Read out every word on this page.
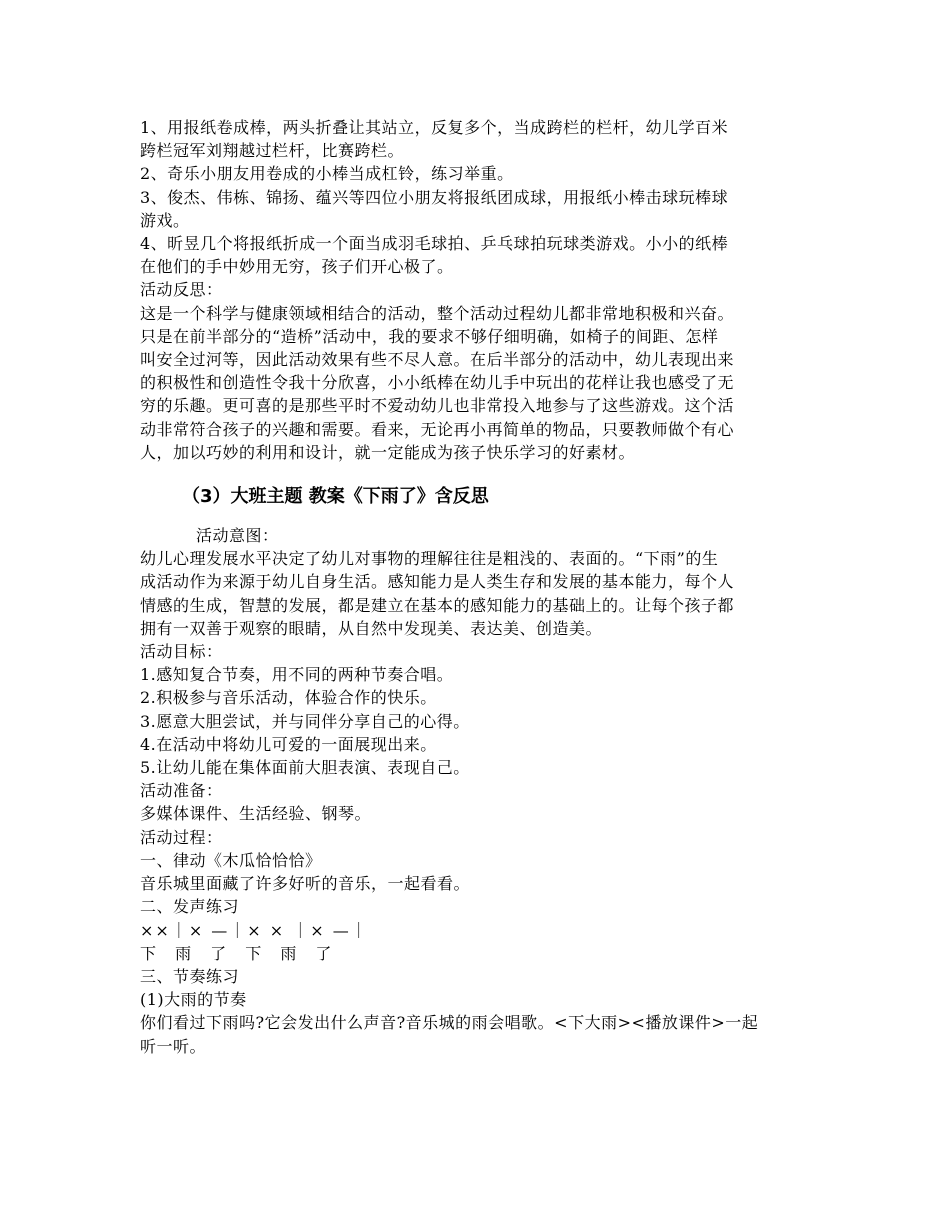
1、用报纸卷成棒，两头折叠让其站立，反复多个，当成跨栏的栏杆，幼儿学百米
跨栏冠军刘翔越过栏杆，比赛跨栏。
2、奇乐小朋友用卷成的小棒当成杠铃，练习举重。
3、俊杰、伟栋、锦扬、蕴兴等四位小朋友将报纸团成球，用报纸小棒击球玩棒球
游戏。
4、昕昱几个将报纸折成一个面当成羽毛球拍、乒乓球拍玩球类游戏。小小的纸棒
在他们的手中妙用无穷，孩子们开心极了。
活动反思：
这是一个科学与健康领域相结合的活动，整个活动过程幼儿都非常地积极和兴奋。
只是在前半部分的“造桥”活动中，我的要求不够仔细明确，如椅子的间距、怎样
叫安全过河等，因此活动效果有些不尽人意。在后半部分的活动中，幼儿表现出来
的积极性和创造性令我十分欣喜，小小纸棒在幼儿手中玩出的花样让我也感受了无
穷的乐趣。更可喜的是那些平时不爱动幼儿也非常投入地参与了这些游戏。这个活
动非常符合孩子的兴趣和需要。看来，无论再小再简单的物品，只要教师做个有心
人，加以巧妙的利用和设计，就一定能成为孩子快乐学习的好素材。
（3）大班主题 教案《下雨了》含反思
活动意图：
幼儿心理发展水平决定了幼儿对事物的理解往往是粗浅的、表面的。“下雨”的生
成活动作为来源于幼儿自身生活。感知能力是人类生存和发展的基本能力，每个人
情感的生成，智慧的发展，都是建立在基本的感知能力的基础上的。让每个孩子都
拥有一双善于观察的眼睛，从自然中发现美、表达美、创造美。
活动目标：
1.感知复合节奏，用不同的两种节奏合唱。
2.积极参与音乐活动，体验合作的快乐。
3.愿意大胆尝试，并与同伴分享自己的心得。
4.在活动中将幼儿可爱的一面展现出来。
5.让幼儿能在集体面前大胆表演、表现自己。
活动准备：
多媒体课件、生活经验、钢琴。
活动过程：
一、律动《木瓜恰恰恰》
音乐城里面藏了许多好听的音乐，一起看看。
二、发声练习
××｜× —｜× × ｜× —｜
下 雨 了 下 雨 了
三、节奏练习
(1)大雨的节奏
你们看过下雨吗?它会发出什么声音?音乐城的雨会唱歌。<下大雨><播放课件>一起
听一听。
